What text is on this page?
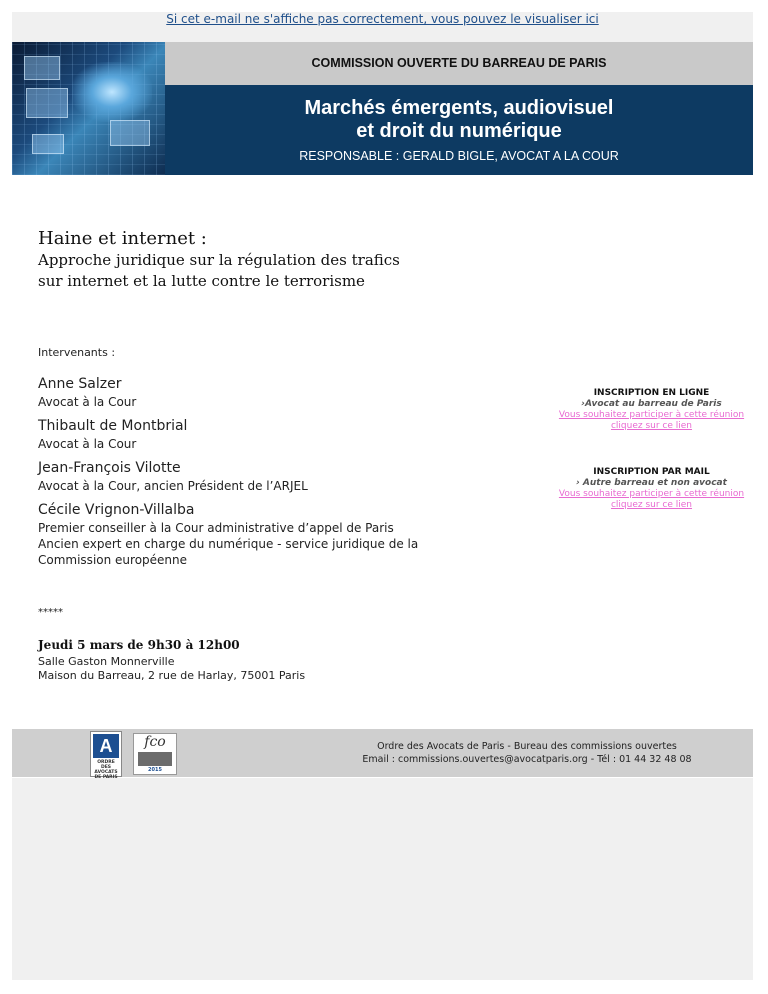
Si cet e-mail ne s'affiche pas correctement, vous pouvez le visualiser ici
COMMISSION OUVERTE DU BARREAU DE PARIS
Marchés émergents, audiovisuel
et droit du numérique
RESPONSABLE : GERALD BIGLE, AVOCAT A LA COUR
Haine et internet :
Approche juridique sur la régulation des trafics
sur internet et la lutte contre le terrorisme
Intervenants :
Anne Salzer
Avocat à la Cour
Thibault de Montbrial
Avocat à la Cour
Jean-François Vilotte
Avocat à la Cour, ancien Président de l’ARJEL
Cécile Vrignon-Villalba
Premier conseiller à la Cour administrative d’appel de Paris
Ancien expert en charge du numérique - service juridique de la
Commission européenne
INSCRIPTION EN LIGNE
›Avocat au barreau de Paris
Vous souhaitez participer à cette réunion
cliquez sur ce lien
INSCRIPTION PAR MAIL
› Autre barreau et non avocat
Vous souhaitez participer à cette réunion
cliquez sur ce lien
*****
Jeudi 5 mars de 9h30 à 12h00
Salle Gaston Monnerville
Maison du Barreau, 2 rue de Harlay, 75001 Paris
A
ORDRE DES AVOCATS DE PARIS
fco
2015
Ordre des Avocats de Paris - Bureau des commissions ouvertes
Email : commissions.ouvertes@avocatparis.org - Tél : 01 44 32 48 08
